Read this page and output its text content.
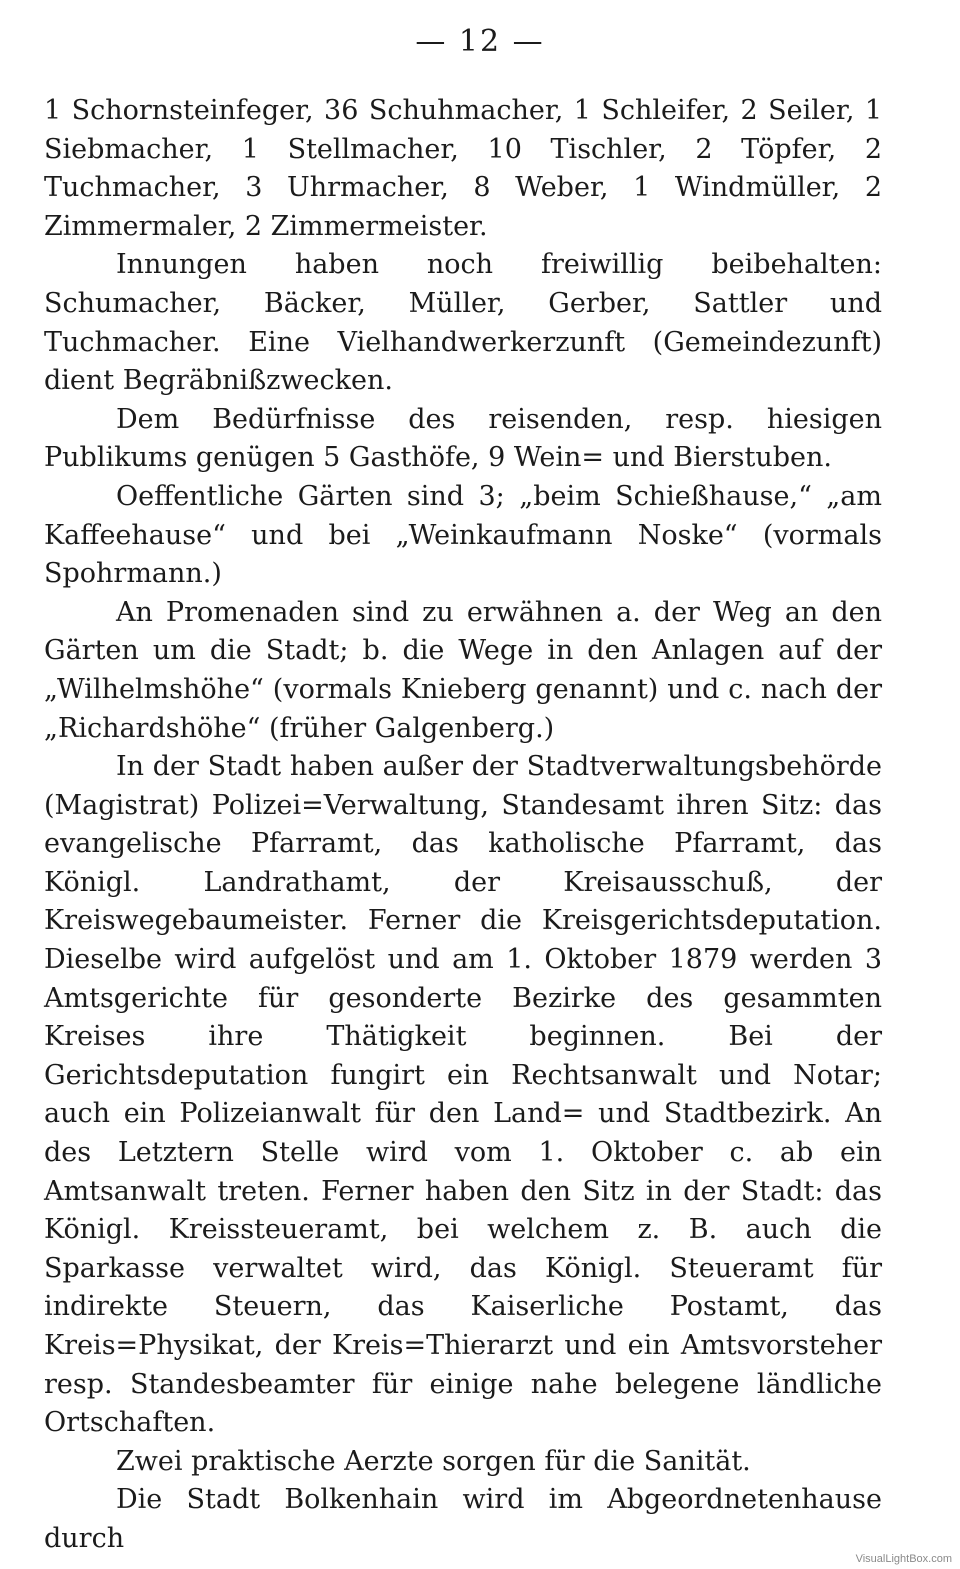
— 12 —

1 Schornsteinfeger, 36 Schuhmacher, 1 Schleifer, 2 Seiler, 1 Siebmacher, 1 Stellmacher, 10 Tischler, 2 Töpfer, 2 Tuchmacher, 3 Uhrmacher, 8 Weber, 1 Windmüller, 2 Zimmermaler, 2 Zimmermeister.

Innungen haben noch freiwillig beibehalten: Schumacher, Bäcker, Müller, Gerber, Sattler und Tuchmacher. Eine Vielhandwerkerzunft (Gemeindezunft) dient Begräbnißzwecken.

Dem Bedürfnisse des reisenden, resp. hiesigen Publikums genügen 5 Gasthöfe, 9 Wein= und Bierstuben.

Oeffentliche Gärten sind 3; „beim Schießhause,“ „am Kaffeehause“ und bei „Weinkaufmann Noske“ (vormals Spohrmann.)

An Promenaden sind zu erwähnen a. der Weg an den Gärten um die Stadt; b. die Wege in den Anlagen auf der „Wilhelmshöhe“ (vormals Knieberg genannt) und c. nach der „Richardshöhe“ (früher Galgenberg.)

In der Stadt haben außer der Stadtverwaltungsbehörde (Magistrat) Polizei=Verwaltung, Standesamt ihren Sitz: das evangelische Pfarramt, das katholische Pfarramt, das Königl. Landrathamt, der Kreisausschuß, der Kreiswegebaumeister. Ferner die Kreisgerichtsdeputation. Dieselbe wird aufgelöst und am 1. Oktober 1879 werden 3 Amtsgerichte für gesonderte Bezirke des gesammten Kreises ihre Thätigkeit beginnen. Bei der Gerichtsdeputation fungirt ein Rechtsanwalt und Notar; auch ein Polizeianwalt für den Land= und Stadtbezirk. An des Letztern Stelle wird vom 1. Oktober c. ab ein Amtsanwalt treten. Ferner haben den Sitz in der Stadt: das Königl. Kreissteueramt, bei welchem z. B. auch die Sparkasse verwaltet wird, das Königl. Steueramt für indirekte Steuern, das Kaiserliche Postamt, das Kreis=Physikat, der Kreis=Thierarzt und ein Amtsvorsteher resp. Standesbeamter für einige nahe belegene ländliche Ortschaften.

Zwei praktische Aerzte sorgen für die Sanität.

Die Stadt Bolkenhain wird im Abgeordnetenhause durch

VisualLightBox.com
